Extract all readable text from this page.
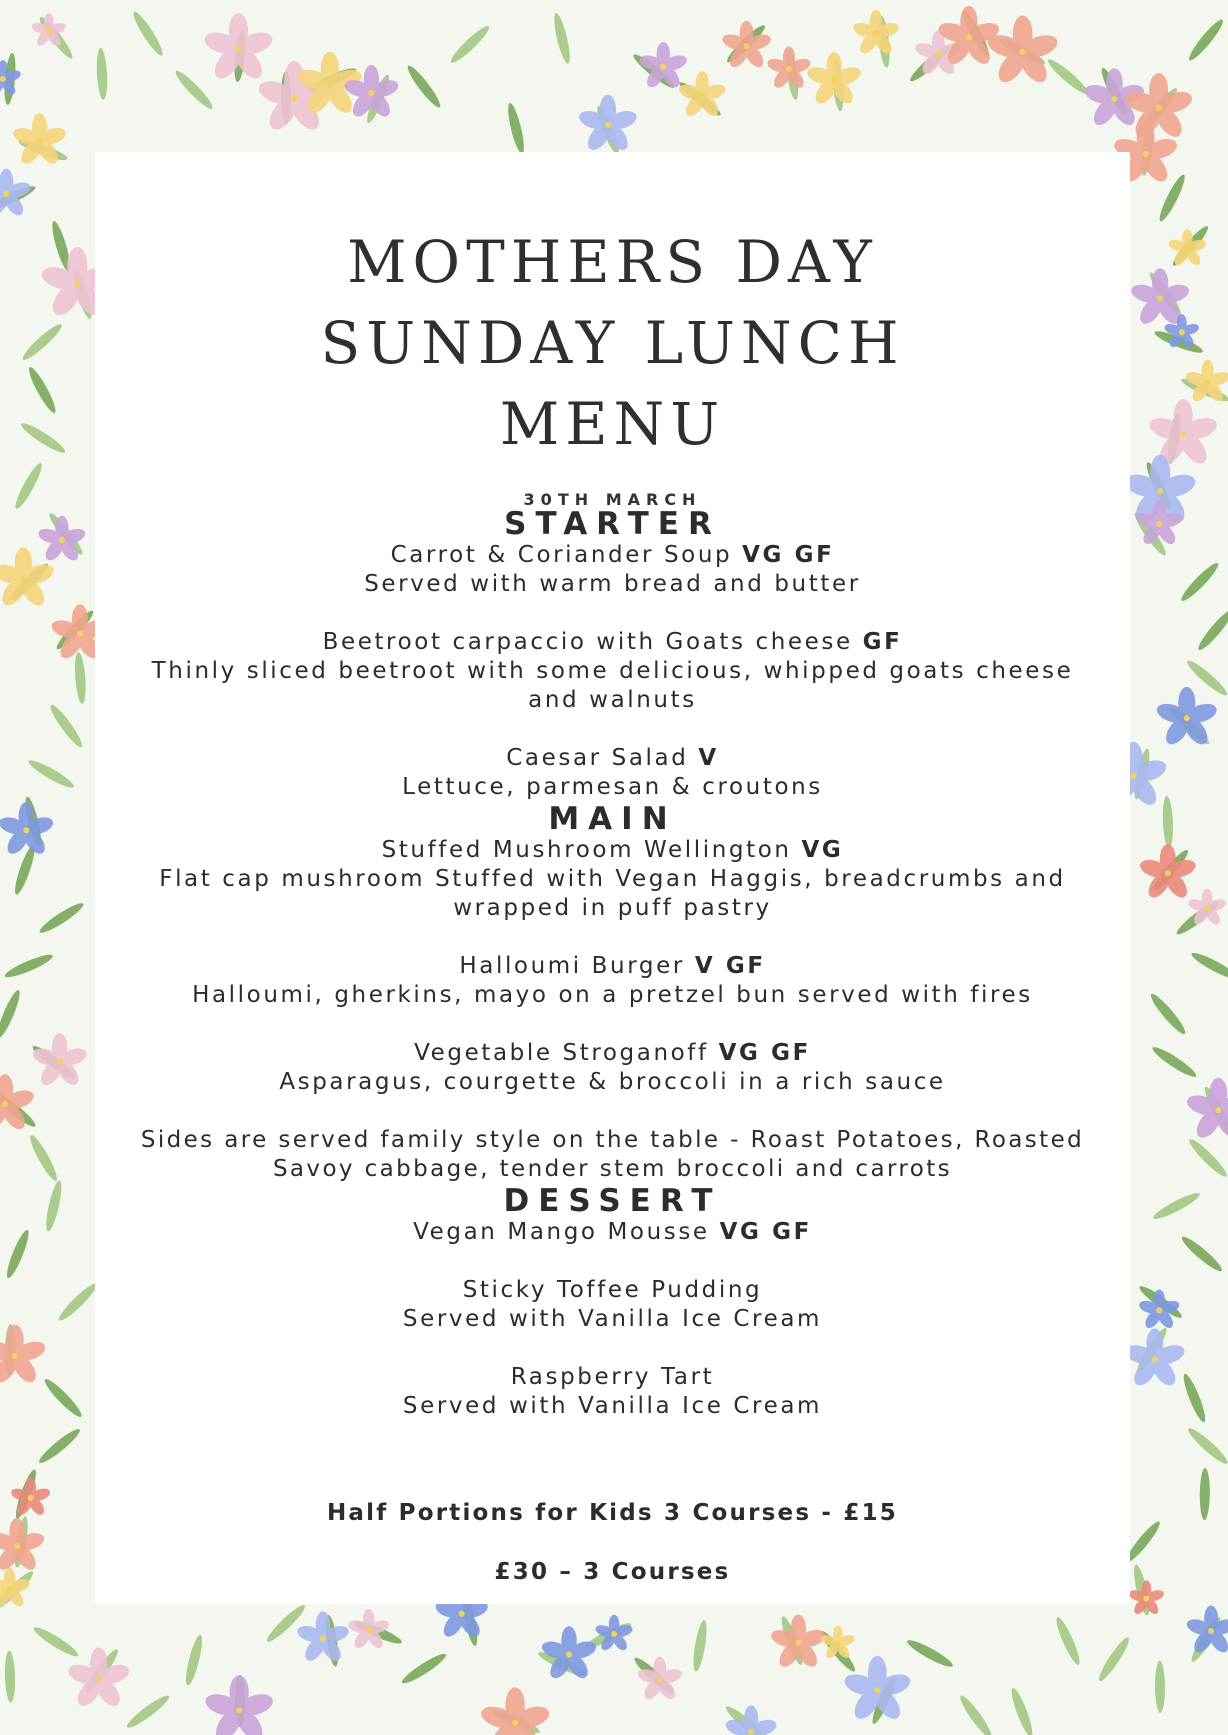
MOTHERS DAY
SUNDAY LUNCH
MENU
30TH MARCH
STARTER
Carrot & Coriander Soup VG GF
Served with warm bread and butter
Beetroot carpaccio with Goats cheese GF
Thinly sliced beetroot with some delicious, whipped goats cheese
and walnuts
Caesar Salad V
Lettuce, parmesan & croutons
MAIN
Stuffed Mushroom Wellington VG
Flat cap mushroom Stuffed with Vegan Haggis, breadcrumbs and
wrapped in puff pastry
Halloumi Burger V GF
Halloumi, gherkins, mayo on a pretzel bun served with fires
Vegetable Stroganoff VG GF
Asparagus, courgette & broccoli in a rich sauce
Sides are served family style on the table - Roast Potatoes, Roasted
Savoy cabbage, tender stem broccoli and carrots
DESSERT
Vegan Mango Mousse VG GF
Sticky Toffee Pudding
Served with Vanilla Ice Cream
Raspberry Tart
Served with Vanilla Ice Cream
Half Portions for Kids 3 Courses - £15
£30 – 3 Courses
